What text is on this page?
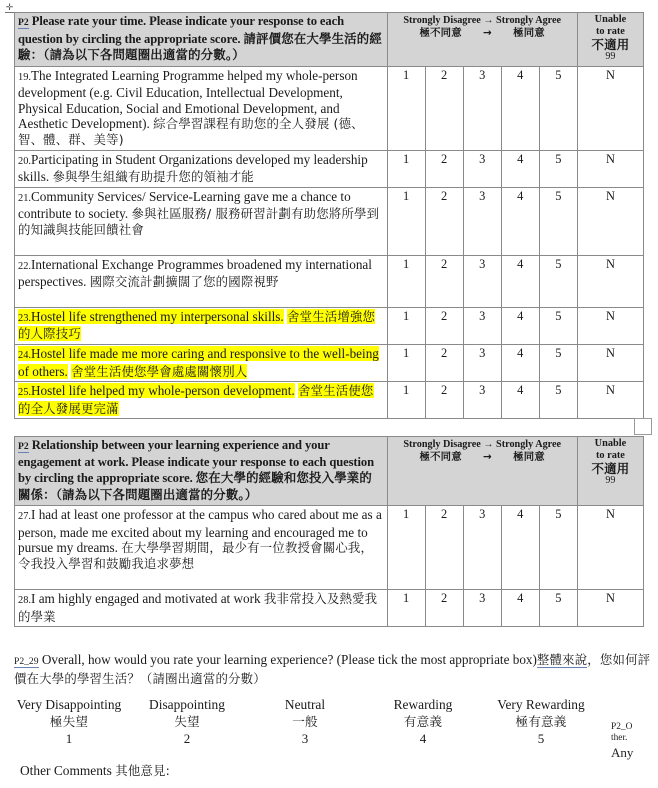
✛
P2 Please rate your time. Please indicate your response to each question by circling the appropriate score. 請評價您在大學生活的經驗：（請為以下各問題圈出適當的分數。）	
Strongly Disagree → Strongly Agree
極不同意　　→　　極同意

Unable
to rate
不適用
99

19.The Integrated Learning Programme helped my whole-person development (e.g. Civil Education, Intellectual Development, Physical Education, Social and Emotional Development, and Aesthetic Development). 綜合學習課程有助您的全人發展 (德、智、體、群、美等)	1	2	3	4	5	N
20.Participating in Student Organizations developed my leadership skills. 參與學生組織有助提升您的領袖才能	1	2	3	4	5	N
21.Community Services/ Service-Learning gave me a chance to contribute to society. 參與社區服務/ 服務研習計劃有助您將所學到的知識與技能回饋社會	1	2	3	4	5	N
22.International Exchange Programmes broadened my international perspectives. 國際交流計劃擴闊了您的國際視野	1	2	3	4	5	N
23.Hostel life strengthened my interpersonal skills. 舍堂生活增強您的人際技巧	1	2	3	4	5	N
24.Hostel life made me more caring and responsive to the well-being of others. 舍堂生活使您學會處處關懷別人	1	2	3	4	5	N
25.Hostel life helped my whole-person development. 舍堂生活使您的全人發展更完滿	1	2	3	4	5	N
P2 Relationship between your learning experience and your engagement at work. Please indicate your response to each question by circling the appropriate score. 您在大學的經驗和您投入學業的關係：（請為以下各問題圈出適當的分數。）	
Strongly Disagree → Strongly Agree
極不同意　　→　　極同意

Unable
to rate
不適用
99

27.I had at least one professor at the campus who cared about me as a person, made me excited about my learning and encouraged me to pursue my dreams. 在大學學習期間，最少有一位教授會關心我，令我投入學習和鼓勵我追求夢想	1	2	3	4	5	N
28.I am highly engaged and motivated at work 我非常投入及熱愛我的學業	1	2	3	4	5	N
P2_29 Overall, how would you rate your learning experience? (Please tick the most appropriate box)整體來說，您如何評價在大學的學習生活？（請圈出適當的分數）
Very Disappointing
極失望
1
Disappointing
失望
2
Neutral
一般
3
Rewarding
有意義
4
Very Rewarding
極有意義
5
P2_O
ther.
Any
Other Comments 其他意見:
